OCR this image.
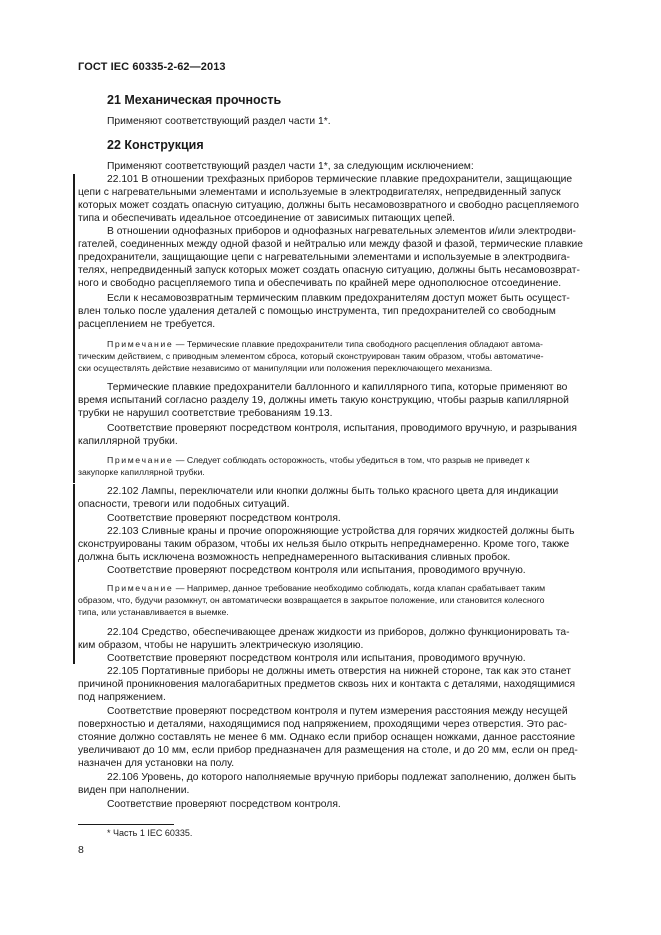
ГОСТ IEC 60335-2-62—2013
21 Механическая прочность
Применяют соответствующий раздел части 1*.
22 Конструкция
Применяют соответствующий раздел части 1*, за следующим исключением:
22.101 В отношении трехфазных приборов термические плавкие предохранители, защищающие
цепи с нагревательными элементами и используемые в электродвигателях, непредвиденный запуск
которых может создать опасную ситуацию, должны быть несамовозвратного и свободно расцепляемого
типа и обеспечивать идеальное отсоединение от зависимых питающих цепей.
В отношении однофазных приборов и однофазных нагревательных элементов и/или электродви-
гателей, соединенных между одной фазой и нейтралью или между фазой и фазой, термические плавкие
предохранители, защищающие цепи с нагревательными элементами и используемые в электродвига-
телях, непредвиденный запуск которых может создать опасную ситуацию, должны быть несамовозврат-
ного и свободно расцепляемого типа и обеспечивать по крайней мере однополюсное отсоединение.
Если к несамовозвратным термическим плавким предохранителям доступ может быть осущест-
влен только после удаления деталей с помощью инструмента, тип предохранителей со свободным
расцеплением не требуется.
Примечание — Термические плавкие предохранители типа свободного расцепления обладают автома-
тическим действием, с приводным элементом сброса, который сконструирован таким образом, чтобы автоматиче-
ски осуществлять действие независимо от манипуляции или положения переключающего механизма.
Термические плавкие предохранители баллонного и капиллярного типа, которые применяют во
время испытаний согласно разделу 19, должны иметь такую конструкцию, чтобы разрыв капиллярной
трубки не нарушил соответствие требованиям 19.13.
Соответствие проверяют посредством контроля, испытания, проводимого вручную, и разрывания
капиллярной трубки.
Примечание — Следует соблюдать осторожность, чтобы убедиться в том, что разрыв не приведет к
закупорке капиллярной трубки.
22.102 Лампы, переключатели или кнопки должны быть только красного цвета для индикации
опасности, тревоги или подобных ситуаций.
Соответствие проверяют посредством контроля.
22.103 Сливные краны и прочие опорожняющие устройства для горячих жидкостей должны быть
сконструированы таким образом, чтобы их нельзя было открыть непреднамеренно. Кроме того, также
должна быть исключена возможность непреднамеренного вытаскивания сливных пробок.
Соответствие проверяют посредством контроля или испытания, проводимого вручную.
Примечание — Например, данное требование необходимо соблюдать, когда клапан срабатывает таким
образом, что, будучи разомкнут, он автоматически возвращается в закрытое положение, или становится колесного
типа, или устанавливается в выемке.
22.104 Средство, обеспечивающее дренаж жидкости из приборов, должно функционировать та-
ким образом, чтобы не нарушить электрическую изоляцию.
Соответствие проверяют посредством контроля или испытания, проводимого вручную.
22.105 Портативные приборы не должны иметь отверстия на нижней стороне, так как это станет
причиной проникновения малогабаритных предметов сквозь них и контакта с деталями, находящимися
под напряжением.
Соответствие проверяют посредством контроля и путем измерения расстояния между несущей
поверхностью и деталями, находящимися под напряжением, проходящими через отверстия. Это рас-
стояние должно составлять не менее 6 мм. Однако если прибор оснащен ножками, данное расстояние
увеличивают до 10 мм, если прибор предназначен для размещения на столе, и до 20 мм, если он пред-
назначен для установки на полу.
22.106 Уровень, до которого наполняемые вручную приборы подлежат заполнению, должен быть
виден при наполнении.
Соответствие проверяют посредством контроля.
* Часть 1 IEC 60335.
8
